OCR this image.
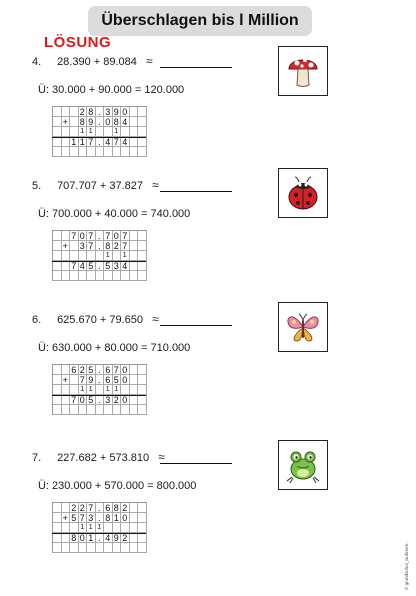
Überschlagen bis l Million
LÖSUNG
4. 28.390 + 89.084 ≈
Ü: 30.000 + 90.000 = 120.000
2 8 . 3 9 0
+ 8 9 . 0 8 4
1 1	1
1 1 7 . 4 7 4
5. 707.707 + 37.827 ≈
Ü: 700.000 + 40.000 = 740.000
7 0 7 . 7 0 7
+ 3 7 . 8 2 7
1	1
7 4 5 . 5 3 4
6. 625.670 + 79.650 ≈
Ü: 630.000 + 80.000 = 710.000
6 2 5 . 6 7 0
+ 7 9 . 6 5 0
1 1	1 1
7 0 5 . 3 2 0
7. 227.682 + 573.810 ≈
Ü: 230.000 + 570.000 = 800.000
2 2 7 . 6 8 2
+ 5 7 3 . 8 1 0
1 1 1
8 0 1 . 4 9 2
© grundschul_wuhnorn
